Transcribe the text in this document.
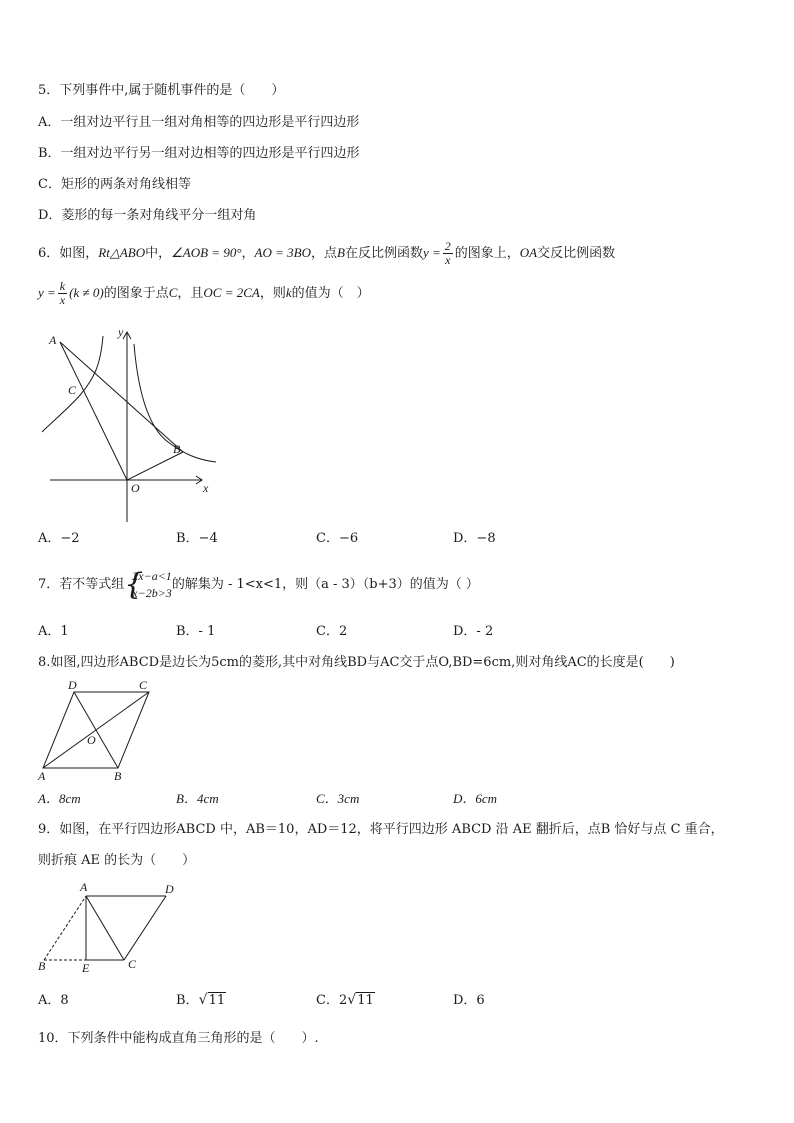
5．下列事件中,属于随机事件的是（　　）
A．一组对边平行且一组对角相等的四边形是平行四边形
B．一组对边平行另一组对边相等的四边形是平行四边形
C．矩形的两条对角线相等
D．菱形的每一条对角线平分一组对角
6．如图，Rt△ABO中，∠AOB = 90°，AO = 3BO，点B在反比例函数$y = \frac{2}{x}$ 的图象上，OA交反比例函数
$y = \frac{k}{x} (k \ne 0)$的图象于点C，且OC = 2CA，则k的值为（　）
A
C
B
O	x
y
A．−2	B．−4	C．−6	D．−8
7．若不等式组 {
2x−a<1
x−2b>3
的解集为 - 1<x<1，则（a - 3）（b+3）的值为（ ）
A．1	B．- 1	C．2	D．- 2
8.如图,四边形ABCD是边长为5cm的菱形,其中对角线BD与AC交于点O,BD=6cm,则对角线AC的长度是(　　)
A	B
C
D
O
A．8cm	B．4cm	C．3cm	D．6cm
9．如图，在平行四边形ABCD 中，AB＝10，AD＝12，将平行四边形 ABCD 沿 AE 翻折后，点B 恰好与点 C 重合，
则折痕 AE 的长为（　　）
A	D
B	E	C
A．8	B． √ 11	C．2 √ 11	D．6
10．下列条件中能构成直角三角形的是（　　）.
